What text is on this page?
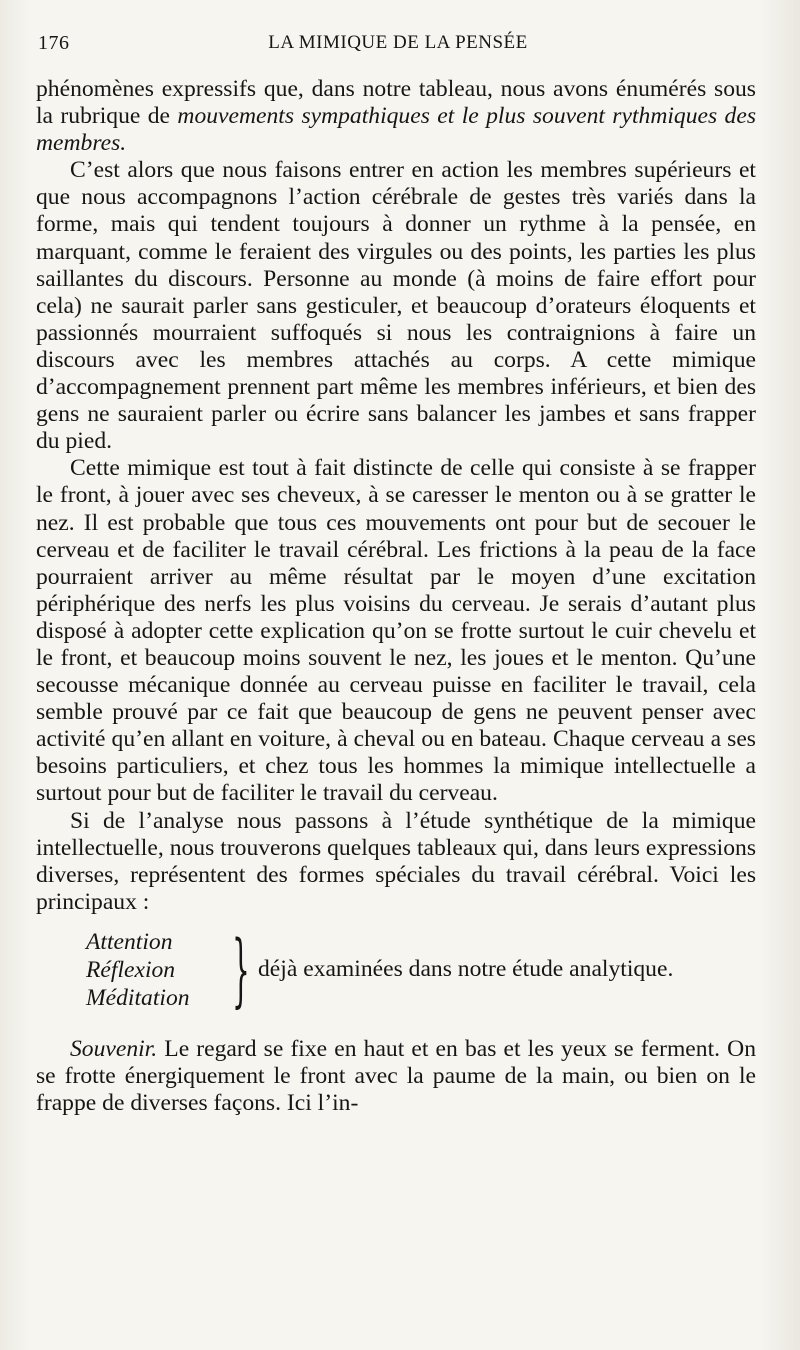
176	LA MIMIQUE DE LA PENSÉE

phénomènes expressifs que, dans notre tableau, nous avons énumérés sous la rubrique de mouvements sympathiques et le plus souvent rythmiques des membres.

C’est alors que nous faisons entrer en action les membres supérieurs et que nous accompagnons l’action cérébrale de gestes très variés dans la forme, mais qui tendent toujours à donner un rythme à la pensée, en marquant, comme le feraient des virgules ou des points, les parties les plus saillantes du discours. Personne au monde (à moins de faire effort pour cela) ne saurait parler sans gesticuler, et beaucoup d’orateurs éloquents et passionnés mourraient suffoqués si nous les contraignions à faire un discours avec les membres attachés au corps. A cette mimique d’accompagnement prennent part même les membres inférieurs, et bien des gens ne sauraient parler ou écrire sans balancer les jambes et sans frapper du pied.

Cette mimique est tout à fait distincte de celle qui consiste à se frapper le front, à jouer avec ses cheveux, à se caresser le menton ou à se gratter le nez. Il est probable que tous ces mouvements ont pour but de secouer le cerveau et de faciliter le travail cérébral. Les frictions à la peau de la face pourraient arriver au même résultat par le moyen d’une excitation périphérique des nerfs les plus voisins du cerveau. Je serais d’autant plus disposé à adopter cette explication qu’on se frotte surtout le cuir chevelu et le front, et beaucoup moins souvent le nez, les joues et le menton. Qu’une secousse mécanique donnée au cerveau puisse en faciliter le travail, cela semble prouvé par ce fait que beaucoup de gens ne peuvent penser avec activité qu’en allant en voiture, à cheval ou en bateau. Chaque cerveau a ses besoins particuliers, et chez tous les hommes la mimique intellectuelle a surtout pour but de faciliter le travail du cerveau.

Si de l’analyse nous passons à l’étude synthétique de la mimique intellectuelle, nous trouverons quelques tableaux qui, dans leurs expressions diverses, représentent des formes spéciales du travail cérébral. Voici les principaux :

Attention
Réflexion
Méditation } déjà examinées dans notre étude analytique.

Souvenir. Le regard se fixe en haut et en bas et les yeux se ferment. On se frotte énergiquement le front avec la paume de la main, ou bien on le frappe de diverses façons. Ici l’in-
